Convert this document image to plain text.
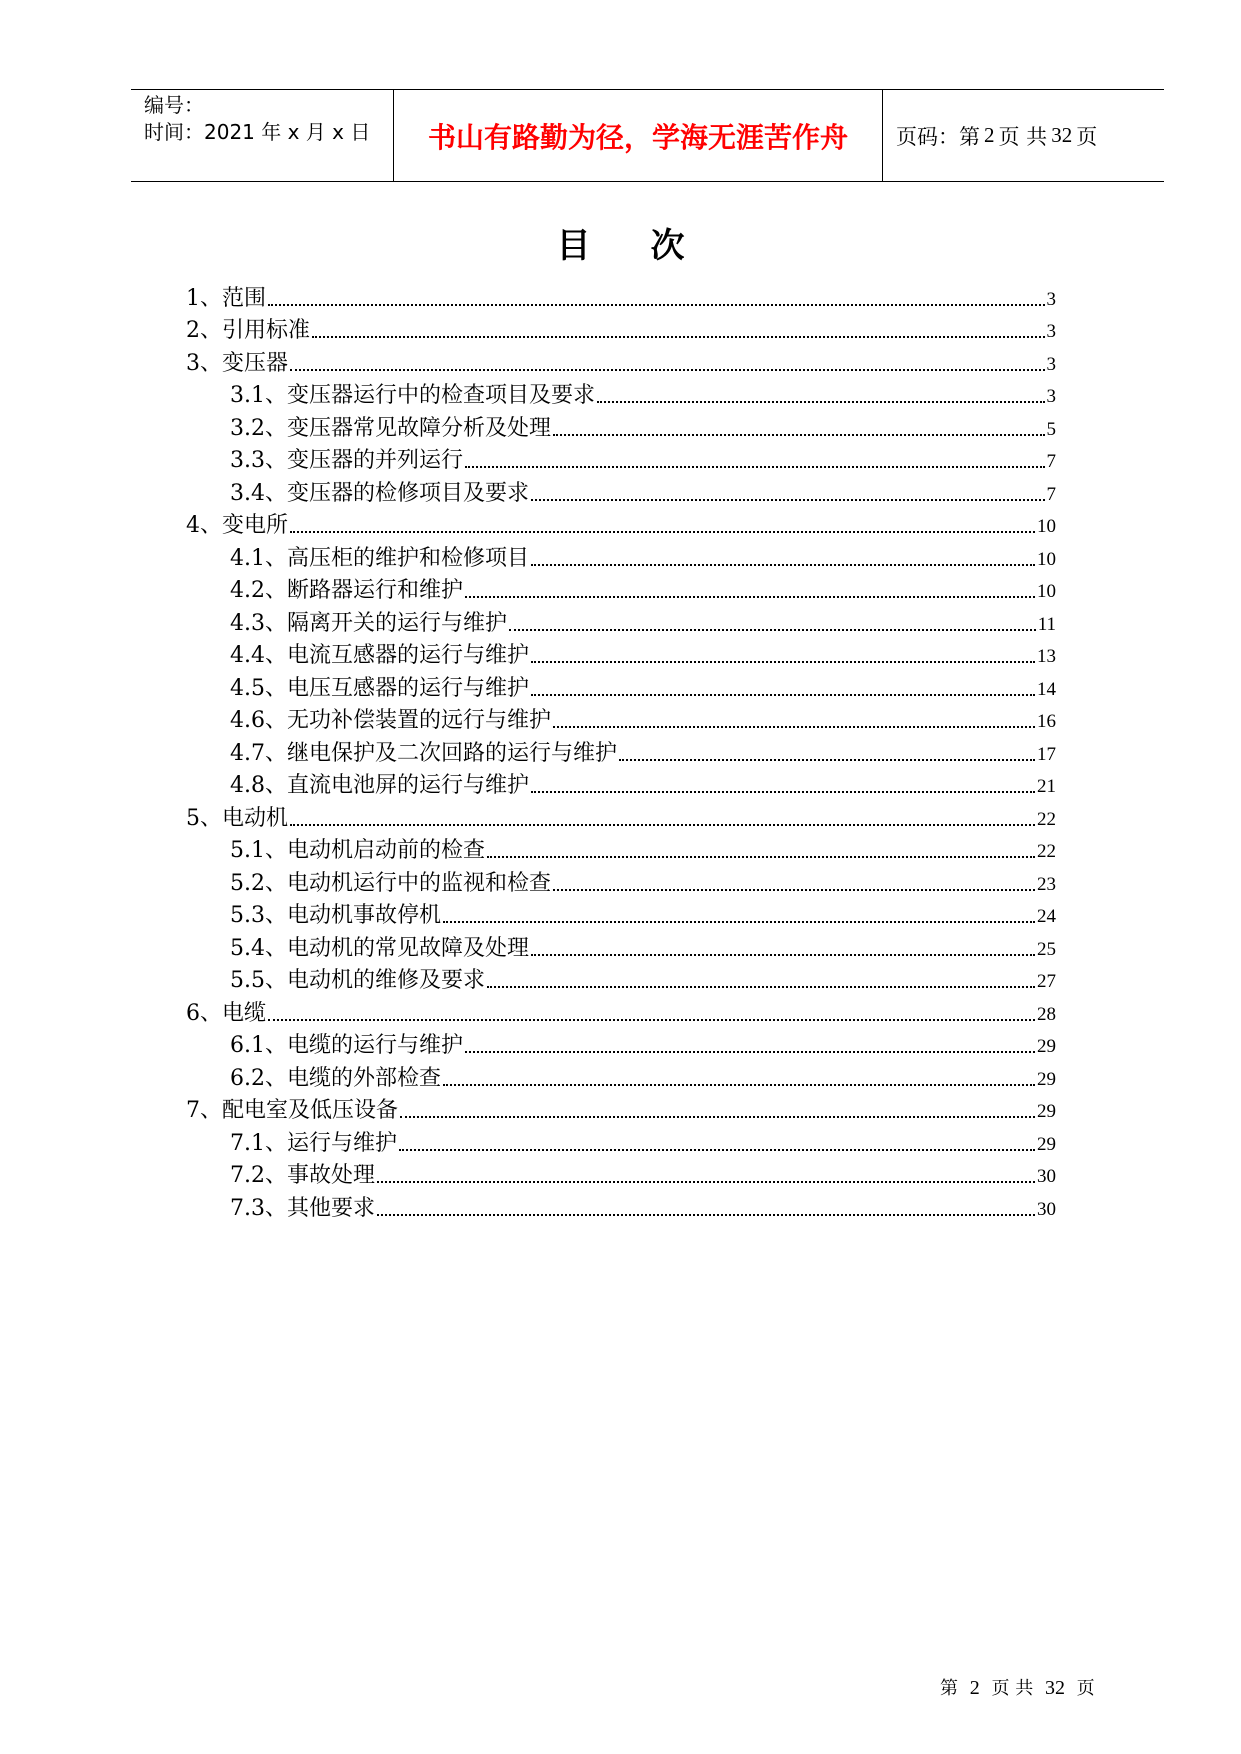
编号：
时间：2021 年 x 月 x 日	书山有路勤为径，学海无涯苦作舟	页码：第 2 页 共 32 页
目次
1、范围	3
2、引用标准	3
3、变压器	3
3.1、变压器运行中的检查项目及要求	3
3.2、变压器常见故障分析及处理	5
3.3、变压器的并列运行	7
3.4、变压器的检修项目及要求	7
4、变电所	10
4.1、高压柜的维护和检修项目	10
4.2、断路器运行和维护	10
4.3、隔离开关的运行与维护	11
4.4、电流互感器的运行与维护	13
4.5、电压互感器的运行与维护	14
4.6、无功补偿装置的远行与维护	16
4.7、继电保护及二次回路的运行与维护	17
4.8、直流电池屏的运行与维护	21
5、电动机	22
5.1、电动机启动前的检查	22
5.2、电动机运行中的监视和检查	23
5.3、电动机事故停机	24
5.4、电动机的常见故障及处理	25
5.5、电动机的维修及要求	27
6、电缆	28
6.1、电缆的运行与维护	29
6.2、电缆的外部检查	29
7、配电室及低压设备	29
7.1、运行与维护	29
7.2、事故处理	30
7.3、其他要求	30
第 2 页 共 32 页
